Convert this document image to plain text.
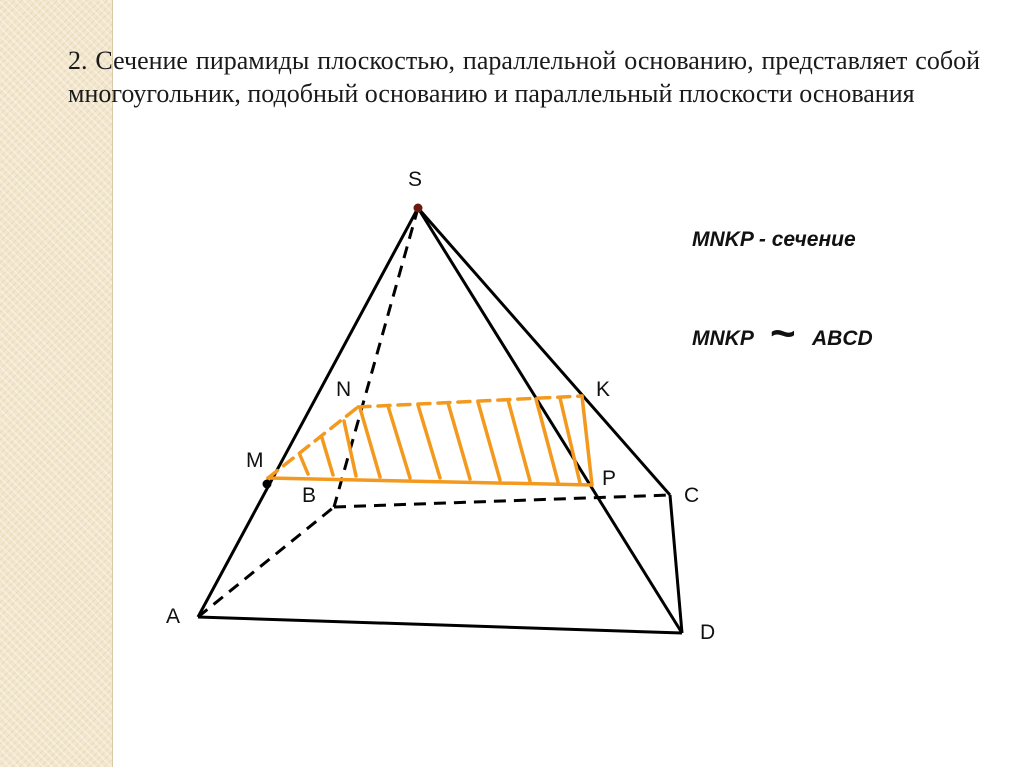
2. Сечение пирамиды плоскостью, параллельной основанию, представляет собой многоугольник, подобный основанию и параллельный плоскости основания
S
N	K
M
P
B	C
A
D
MNKP - сечение
MNKP ~ ABCD
